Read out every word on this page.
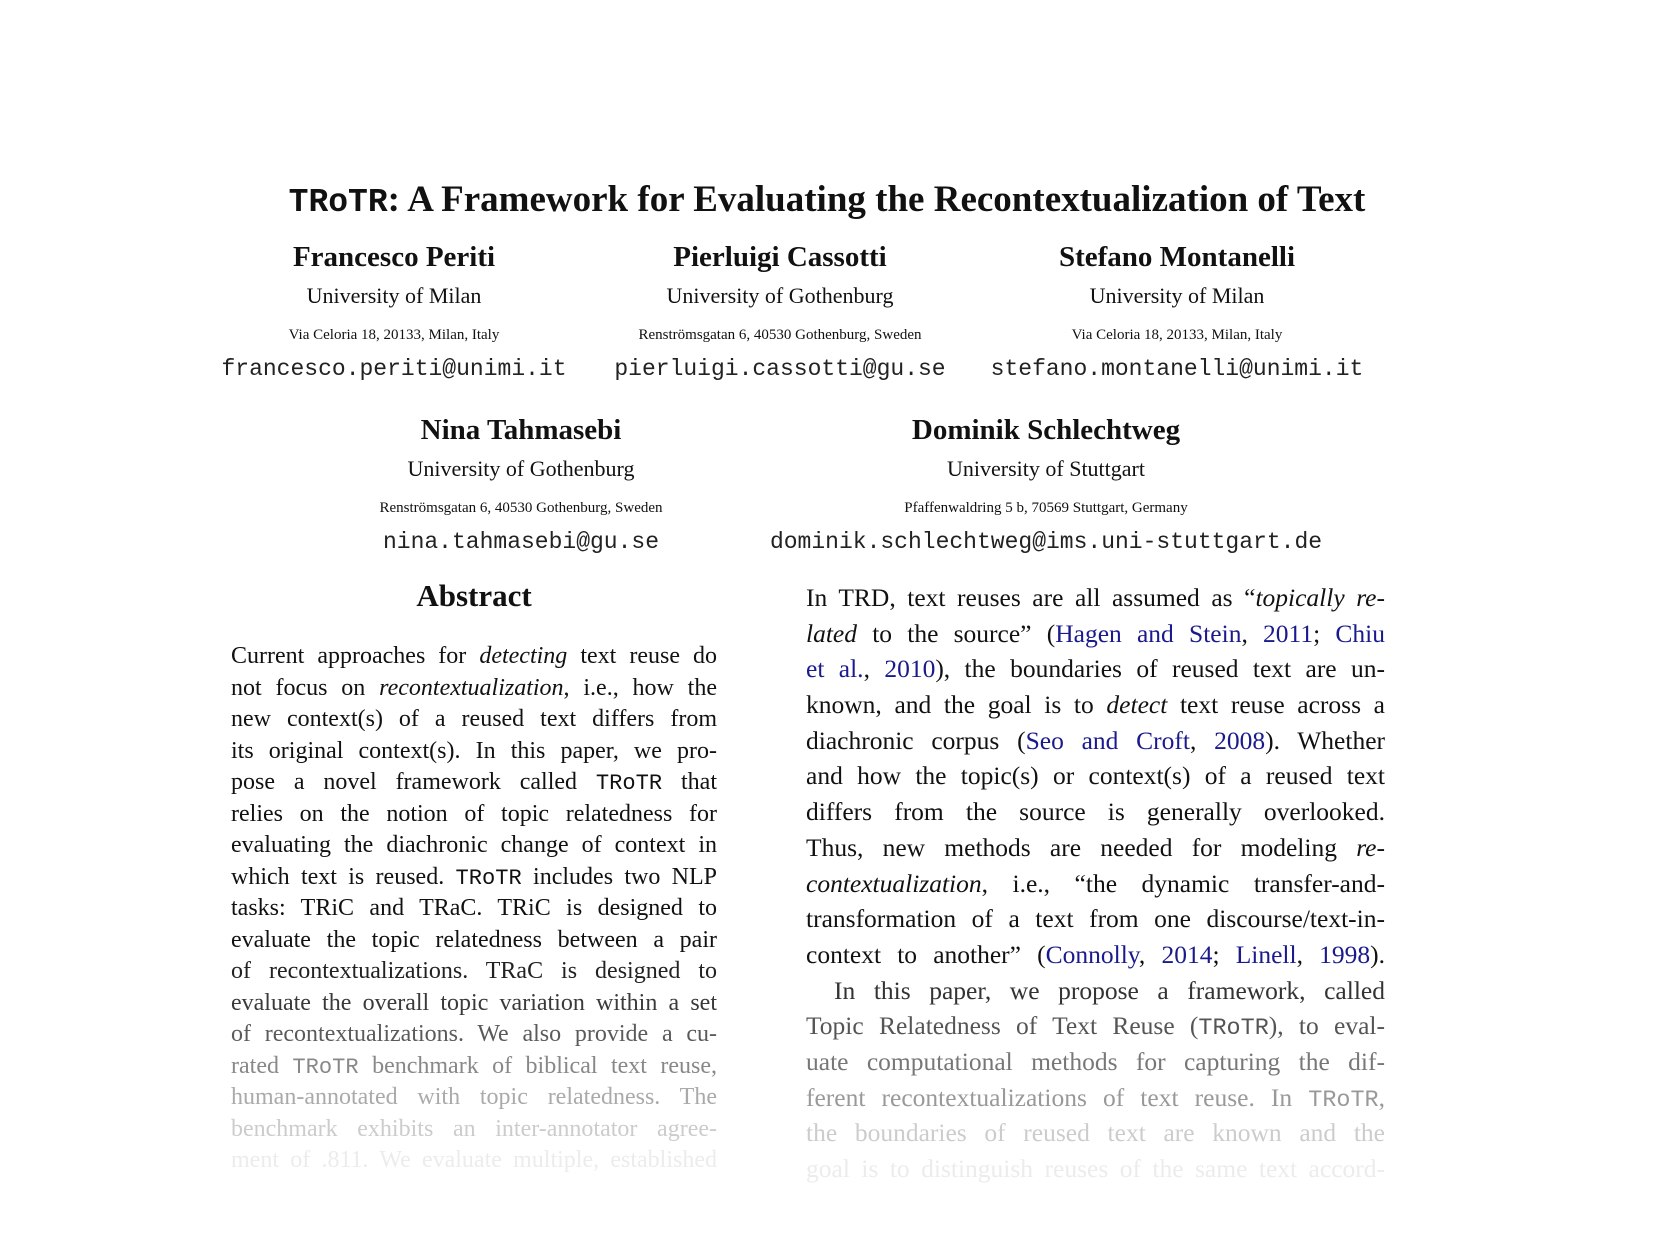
TRoTR: A Framework for Evaluating the Recontextualization of Text
Francesco Periti
University of Milan
Via Celoria 18, 20133, Milan, Italy
francesco.periti@unimi.it
Pierluigi Cassotti
University of Gothenburg
Renströmsgatan 6, 40530 Gothenburg, Sweden
pierluigi.cassotti@gu.se
Stefano Montanelli
University of Milan
Via Celoria 18, 20133, Milan, Italy
stefano.montanelli@unimi.it
Nina Tahmasebi
University of Gothenburg
Renströmsgatan 6, 40530 Gothenburg, Sweden
nina.tahmasebi@gu.se
Dominik Schlechtweg
University of Stuttgart
Pfaffenwaldring 5 b, 70569 Stuttgart, Germany
dominik.schlechtweg@ims.uni-stuttgart.de
Abstract
Current approaches for detecting text reuse do
not focus on recontextualization, i.e., how the
new context(s) of a reused text differs from
its original context(s). In this paper, we pro-
pose a novel framework called TRoTR that
relies on the notion of topic relatedness for
evaluating the diachronic change of context in
which text is reused. TRoTR includes two NLP
tasks: TRiC and TRaC. TRiC is designed to
evaluate the topic relatedness between a pair
of recontextualizations. TRaC is designed to
evaluate the overall topic variation within a set
of recontextualizations. We also provide a cu-
rated TRoTR benchmark of biblical text reuse,
human-annotated with topic relatedness. The
benchmark exhibits an inter-annotator agree-
ment of .811. We evaluate multiple, established
In TRD, text reuses are all assumed as “topically re-
lated to the source” (Hagen and Stein, 2011; Chiu
et al., 2010), the boundaries of reused text are un-
known, and the goal is to detect text reuse across a
diachronic corpus (Seo and Croft, 2008). Whether
and how the topic(s) or context(s) of a reused text
differs from the source is generally overlooked.
Thus, new methods are needed for modeling re-
contextualization, i.e., “the dynamic transfer-and-
transformation of a text from one discourse/text-in-
context to another” (Connolly, 2014; Linell, 1998).
In this paper, we propose a framework, called
Topic Relatedness of Text Reuse (TRoTR), to eval-
uate computational methods for capturing the dif-
ferent recontextualizations of text reuse. In TRoTR,
the boundaries of reused text are known and the
goal is to distinguish reuses of the same text accord-
